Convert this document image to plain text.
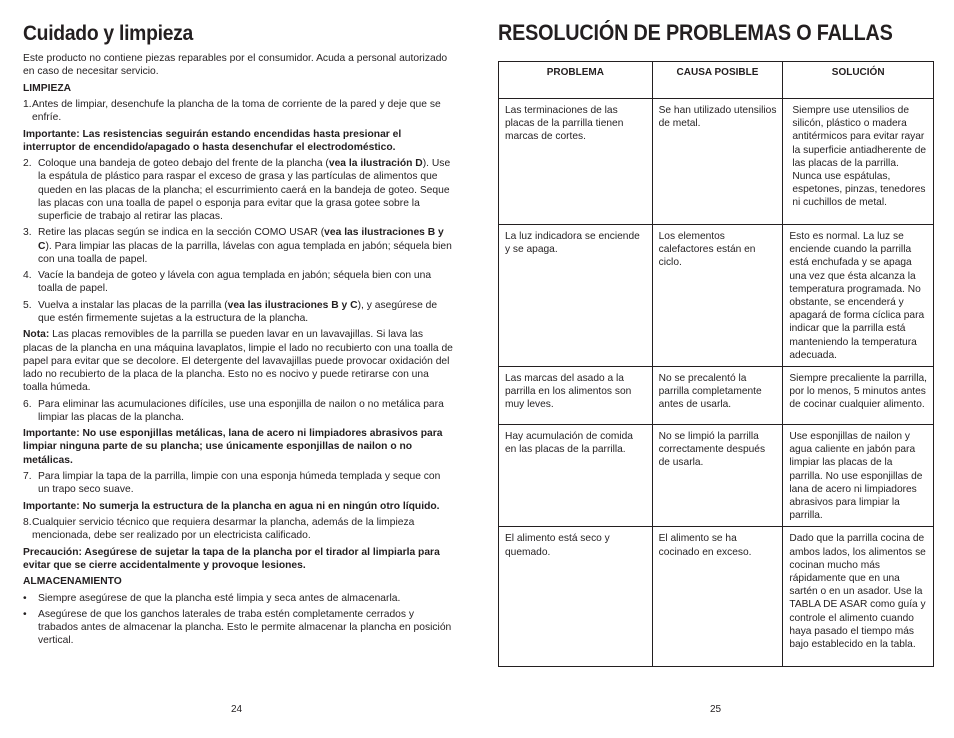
Cuidado y limpieza

Este producto no contiene piezas reparables por el consumidor. Acuda a personal autorizado en caso de necesitar servicio.

LIMPIEZA

1. Antes de limpiar, desenchufe la plancha de la toma de corriente de la pared y deje que se enfríe.

Importante: Las resistencias seguirán estando encendidas hasta presionar el interruptor de encendido/apagado o hasta desenchufar el electrodoméstico.

2. Coloque una bandeja de goteo debajo del frente de la plancha (vea la ilustración D). Use la espátula de plástico para raspar el exceso de grasa y las partículas de alimentos que queden en las placas de la plancha; el escurrimiento caerá en la bandeja de goteo. Seque las placas con una toalla de papel o esponja para evitar que la grasa gotee sobre la superficie de trabajo al retirar las placas.
3. Retire las placas según se indica en la sección COMO USAR (vea las ilustraciones B y C). Para limpiar las placas de la parrilla, lávelas con agua templada en jabón; séquela bien con una toalla de papel.
4. Vacíe la bandeja de goteo y lávela con agua templada en jabón; séquela bien con una toalla de papel.
5. Vuelva a instalar las placas de la parrilla (vea las ilustraciones B y C), y asegúrese de que estén firmemente sujetas a la estructura de la plancha.

Nota: Las placas removibles de la parrilla se pueden lavar en un lavavajillas. Si lava las placas de la plancha en una máquina lavaplatos, limpie el lado no recubierto con una toalla de papel para evitar que se decolore. El detergente del lavavajillas puede provocar oxidación del lado no recubierto de la placa de la plancha. Esto no es nocivo y puede retirarse con una toalla húmeda.

6. Para eliminar las acumulaciones difíciles, use una esponjilla de nailon o no metálica para limpiar las placas de la plancha.

Importante: No use esponjillas metálicas, lana de acero ni limpiadores abrasivos para limpiar ninguna parte de su plancha; use únicamente esponjillas de nailon o no metálicas.

7. Para limpiar la tapa de la parrilla, limpie con una esponja húmeda templada y seque con un trapo seco suave.

Importante: No sumerja la estructura de la plancha en agua ni en ningún otro líquido.

8. Cualquier servicio técnico que requiera desarmar la plancha, además de la limpieza mencionada, debe ser realizado por un electricista calificado.

Precaución: Asegúrese de sujetar la tapa de la plancha por el tirador al limpiarla para evitar que se cierre accidentalmente y provoque lesiones.

ALMACENAMIENTO

• Siempre asegúrese de que la plancha esté limpia y seca antes de almacenarla.
• Asegúrese de que los ganchos laterales de traba estén completamente cerrados y trabados antes de almacenar la plancha. Esto le permite almacenar la plancha en posición vertical.
24
RESOLUCIÓN DE PROBLEMAS O FALLAS
PROBLEMA	CAUSA POSIBLE	SOLUCIÓN
Las terminaciones de las placas de la parrilla tienen marcas de cortes.	Se han utilizado utensilios de metal.	Siempre use utensilios de silicón, plástico o madera antitérmicos para evitar rayar la superficie antiadherente de las placas de la parrilla. Nunca use espátulas, espetones, pinzas, tenedores ni cuchillos de metal.
La luz indicadora se enciende y se apaga.	Los elementos calefactores están en ciclo.	Esto es normal. La luz se enciende cuando la parrilla está enchufada y se apaga una vez que ésta alcanza la temperatura programada. No obstante, se encenderá y apagará de forma cíclica para indicar que la parrilla está manteniendo la temperatura adecuada.
Las marcas del asado a la parrilla en los alimentos son muy leves.	No se precalentó la parrilla completamente antes de usarla.	Siempre precaliente la parrilla, por lo menos, 5 minutos antes de cocinar cualquier alimento.
Hay acumulación de comida en las placas de la parrilla.	No se limpió la parrilla correctamente después de usarla.	Use esponjillas de nailon y agua caliente en jabón para limpiar las placas de la parrilla. No use esponjillas de lana de acero ni limpiadores abrasivos para limpiar la parrilla.
El alimento está seco y quemado.	El alimento se ha cocinado en exceso.	Dado que la parrilla cocina de ambos lados, los alimentos se cocinan mucho más rápidamente que en una sartén o en un asador. Use la TABLA DE ASAR como guía y controle el alimento cuando haya pasado el tiempo más bajo establecido en la tabla.
25
